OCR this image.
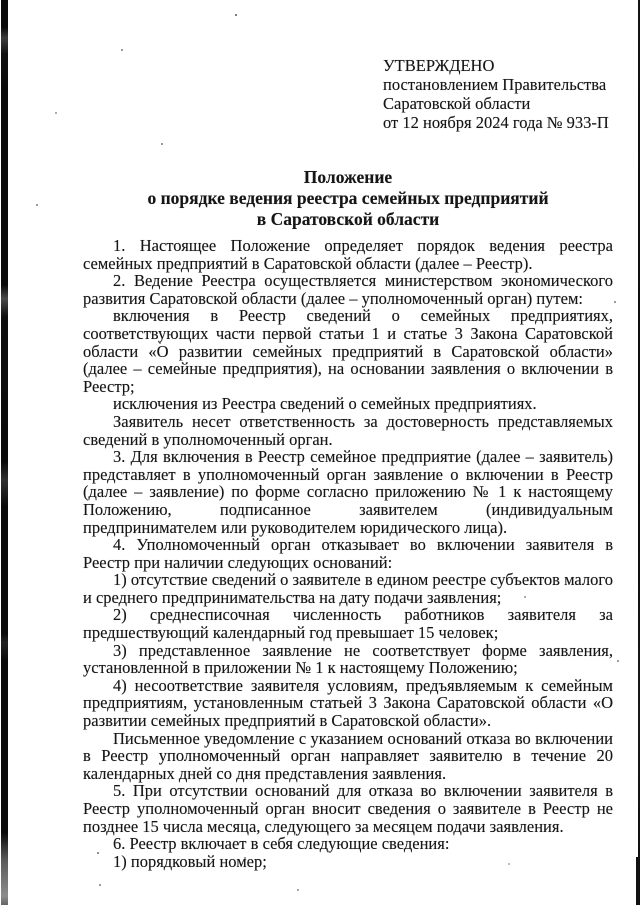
УТВЕРЖДЕНО
постановлением Правительства
Саратовской области
от 12 ноября 2024 года № 933-П
Положение
о порядке ведения реестра семейных предприятий
в Саратовской области

1. Настоящее Положение определяет порядок ведения реестра семейных предприятий в Саратовской области (далее – Реестр).

2. Ведение Реестра осуществляется министерством экономического развития Саратовской области (далее – уполномоченный орган) путем:

включения в Реестр сведений о семейных предприятиях, соответствующих части первой статьи 1 и статье 3 Закона Саратовской области «О развитии семейных предприятий в Саратовской области» (далее – семейные предприятия), на основании заявления о включении в Реестр;

исключения из Реестра сведений о семейных предприятиях.

Заявитель несет ответственность за достоверность представляемых сведений в уполномоченный орган.

3. Для включения в Реестр семейное предприятие (далее – заявитель) представляет в уполномоченный орган заявление о включении в Реестр (далее – заявление) по форме согласно приложению № 1 к настоящему Положению, подписанное заявителем (индивидуальным предпринимателем или руководителем юридического лица).

4. Уполномоченный орган отказывает во включении заявителя в Реестр при наличии следующих оснований:

1) отсутствие сведений о заявителе в едином реестре субъектов малого и среднего предпринимательства на дату подачи заявления;

2) среднесписочная численность работников заявителя за предшествующий календарный год превышает 15 человек;

3) представленное заявление не соответствует форме заявления, установленной в приложении № 1 к настоящему Положению;

4) несоответствие заявителя условиям, предъявляемым к семейным предприятиям, установленным статьей 3 Закона Саратовской области «О развитии семейных предприятий в Саратовской области».

Письменное уведомление с указанием оснований отказа во включении в Реестр уполномоченный орган направляет заявителю в течение 20 календарных дней со дня представления заявления.

5. При отсутствии оснований для отказа во включении заявителя в Реестр уполномоченный орган вносит сведения о заявителе в Реестр не позднее 15 числа месяца, следующего за месяцем подачи заявления.

6. Реестр включает в себя следующие сведения:

1) порядковый номер;
